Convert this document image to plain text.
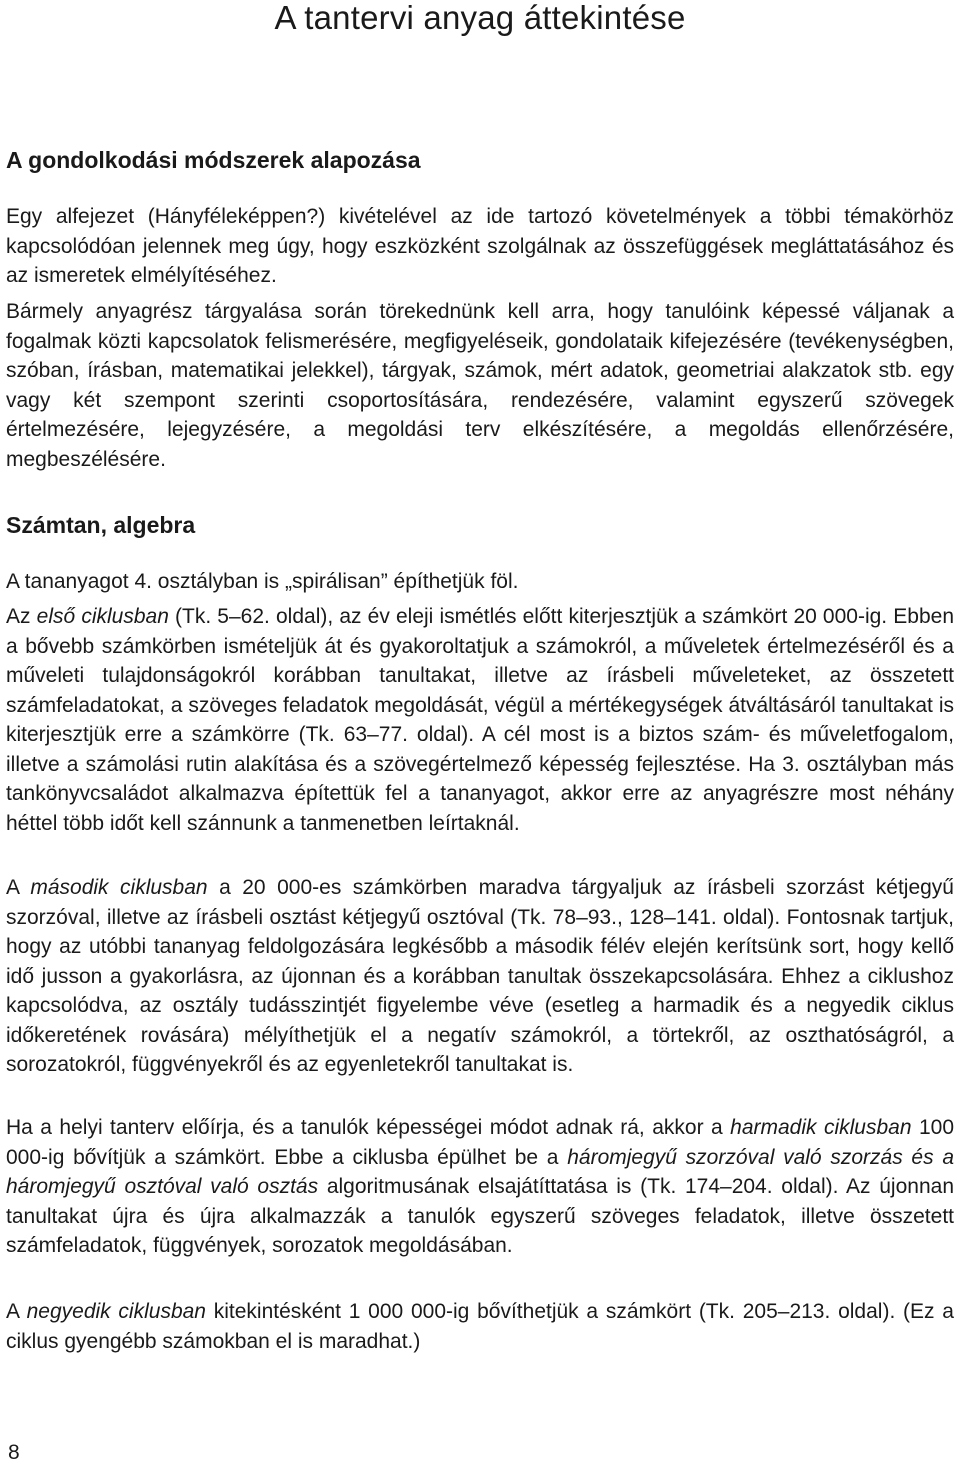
A tantervi anyag áttekintése
A gondolkodási módszerek alapozása

Egy alfejezet (Hányféleképpen?) kivételével az ide tartozó követelmények a többi témakörhöz kapcsolódóan jelennek meg úgy, hogy eszközként szolgálnak az összefüggések megláttatásához és az ismeretek elmélyítéséhez.

Bármely anyagrész tárgyalása során törekednünk kell arra, hogy tanulóink képessé váljanak a fogalmak közti kapcsolatok felismerésére, megfigyeléseik, gondolataik kifejezésére (tevékenységben, szóban, írásban, matematikai jelekkel), tárgyak, számok, mért adatok, geometriai alakzatok stb. egy vagy két szempont szerinti csoportosítására, rendezésére, valamint egyszerű szövegek értelmezésére, lejegyzésére, a megoldási terv elkészítésére, a megoldás ellenőrzésére, megbeszélésére.

Számtan, algebra

A tananyagot 4. osztályban is „spirálisan” építhetjük föl.

Az első ciklusban (Tk. 5–62. oldal), az év eleji ismétlés előtt kiterjesztjük a számkört 20 000-ig. Ebben a bővebb számkörben ismételjük át és gyakoroltatjuk a számokról, a műveletek értelmezéséről és a műveleti tulajdonságokról korábban tanultakat, illetve az írásbeli műveleteket, az összetett számfeladatokat, a szöveges feladatok megoldását, végül a mértékegységek átváltásáról tanultakat is kiterjesztjük erre a számkörre (Tk. 63–77. oldal). A cél most is a biztos szám- és műveletfogalom, illetve a számolási rutin alakítása és a szövegértelmező képesség fejlesztése. Ha 3. osztályban más tankönyvcsaládot alkalmazva építettük fel a tananyagot, akkor erre az anyagrészre most néhány héttel több időt kell szánnunk a tanmenetben leírtaknál.

A második ciklusban a 20 000-es számkörben maradva tárgyaljuk az írásbeli szorzást kétjegyű szorzóval, illetve az írásbeli osztást kétjegyű osztóval (Tk. 78–93., 128–141. oldal). Fontosnak tartjuk, hogy az utóbbi tananyag feldolgozására legkésőbb a második félév elején kerítsünk sort, hogy kellő idő jusson a gyakorlásra, az újonnan és a korábban tanultak összekapcsolására. Ehhez a ciklushoz kapcsolódva, az osztály tudásszintjét figyelembe véve (esetleg a harmadik és a negyedik ciklus időkeretének rovására) mélyíthetjük el a negatív számokról, a törtekről, az oszthatóságról, a sorozatokról, függvényekről és az egyenletekről tanultakat is.

Ha a helyi tanterv előírja, és a tanulók képességei módot adnak rá, akkor a harmadik ciklusban 100 000-ig bővítjük a számkört. Ebbe a ciklusba épülhet be a háromjegyű szorzóval való szorzás és a háromjegyű osztóval való osztás algoritmusának elsajátíttatása is (Tk. 174–204. oldal). Az újonnan tanultakat újra és újra alkalmazzák a tanulók egyszerű szöveges feladatok, illetve összetett számfeladatok, függvények, sorozatok megoldásában.

A negyedik ciklusban kitekintésként 1 000 000-ig bővíthetjük a számkört (Tk. 205–213. oldal). (Ez a ciklus gyengébb számokban el is maradhat.)

8
